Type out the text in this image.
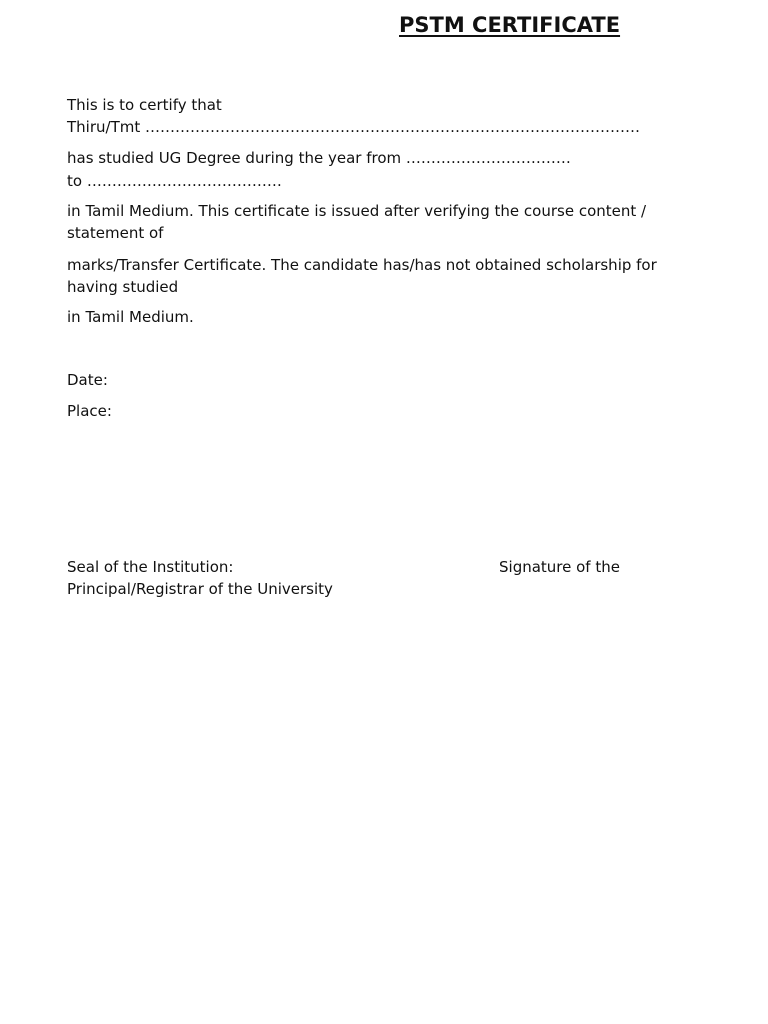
PSTM CERTIFICATE
This is to certify that
Thiru/Tmt ………………………………………………………………………………………
has studied UG Degree during the year from ……………………………
to …………………………………
in Tamil Medium. This certificate is issued after verifying the course content /
statement of
marks/Transfer Certificate. The candidate has/has not obtained scholarship for
having studied
in Tamil Medium.
Date:
Place:
Seal of the Institution:	Signature of the
Principal/Registrar of the University
